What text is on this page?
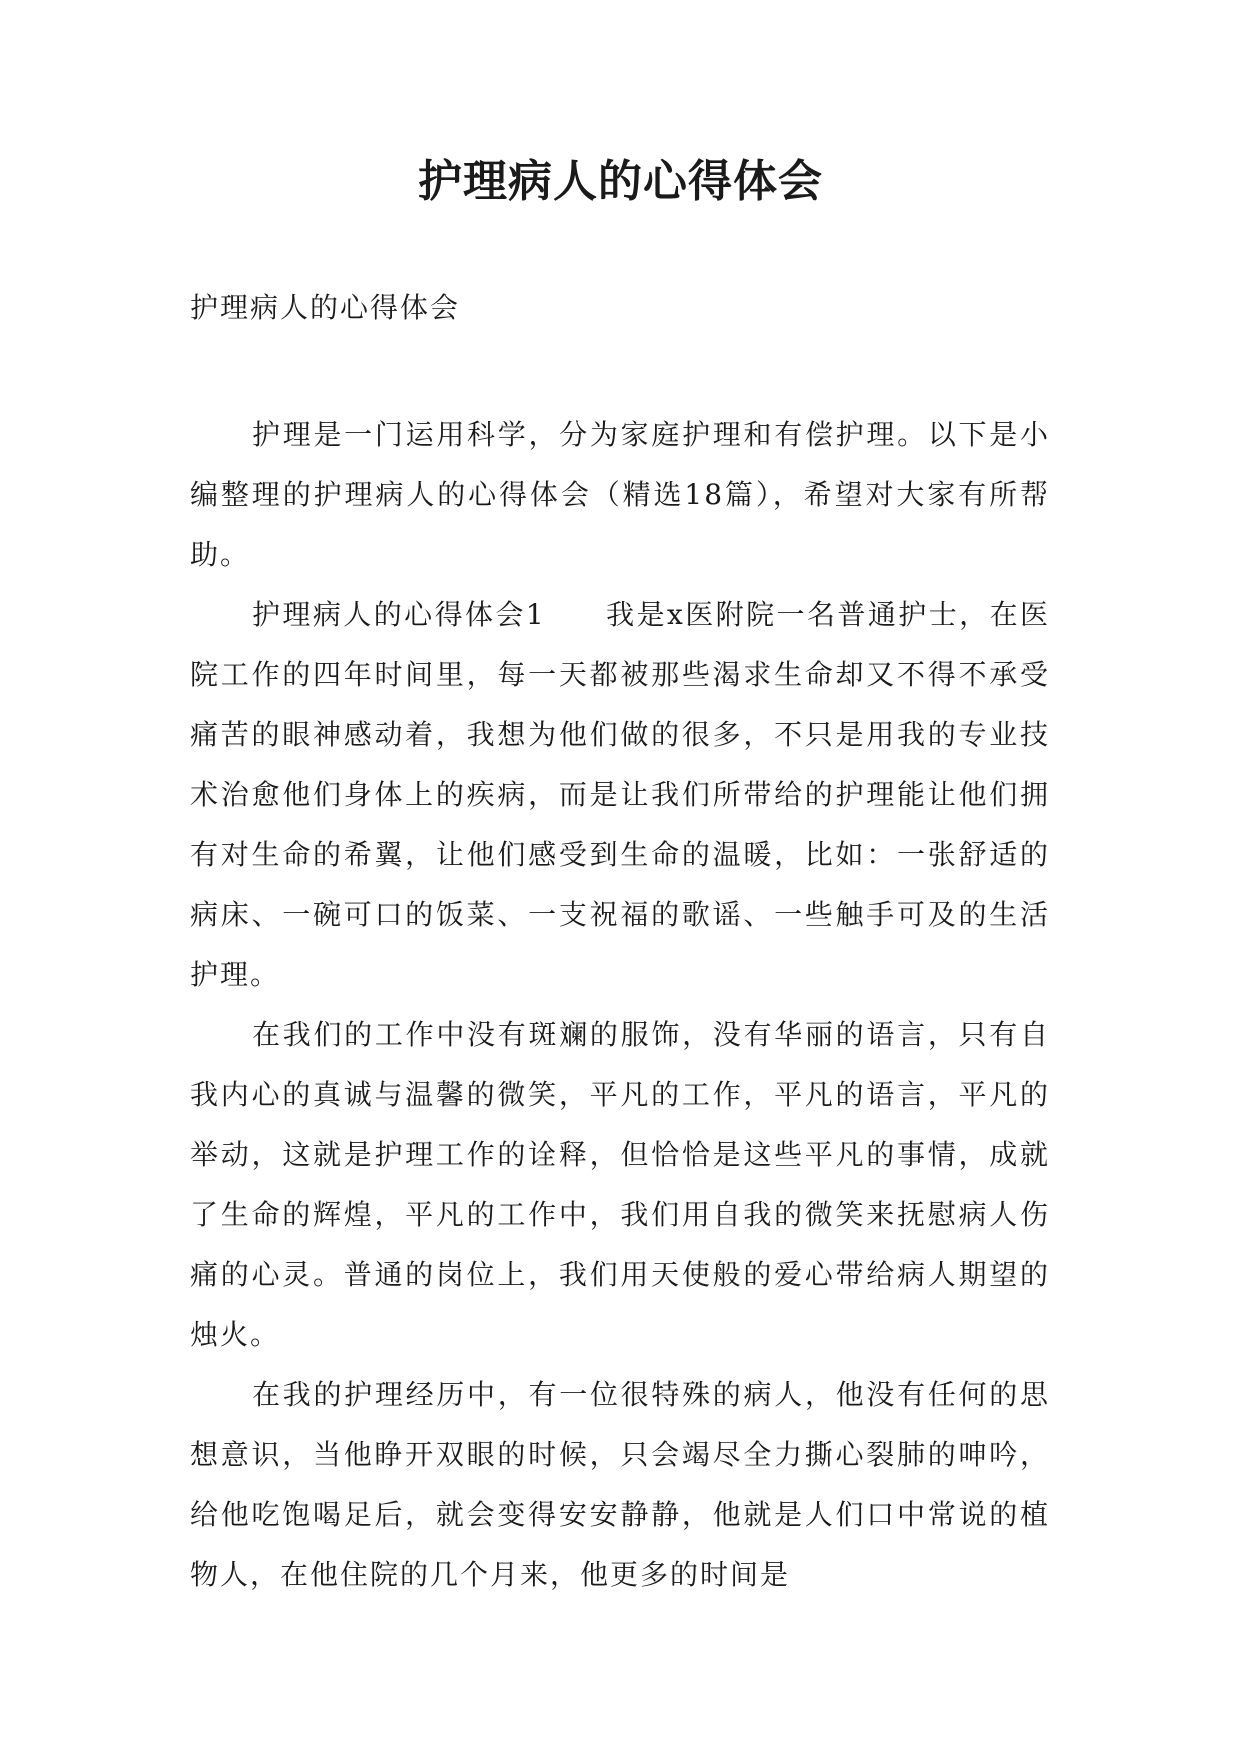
护理病人的心得体会

护理病人的心得体会

护理是一门运用科学，分为家庭护理和有偿护理。以下是小编整理的护理病人的心得体会（精选18篇），希望对大家有所帮助。

护理病人的心得体会1 我是x医附院一名普通护士，在医院工作的四年时间里，每一天都被那些渴求生命却又不得不承受痛苦的眼神感动着，我想为他们做的很多，不只是用我的专业技术治愈他们身体上的疾病，而是让我们所带给的护理能让他们拥有对生命的希翼，让他们感受到生命的温暖，比如：一张舒适的病床、一碗可口的饭菜、一支祝福的歌谣、一些触手可及的生活护理。

在我们的工作中没有斑斓的服饰，没有华丽的语言，只有自我内心的真诚与温馨的微笑，平凡的工作，平凡的语言，平凡的举动，这就是护理工作的诠释，但恰恰是这些平凡的事情，成就了生命的辉煌，平凡的工作中，我们用自我的微笑来抚慰病人伤痛的心灵。普通的岗位上，我们用天使般的爱心带给病人期望的烛火。

在我的护理经历中，有一位很特殊的病人，他没有任何的思想意识，当他睁开双眼的时候，只会竭尽全力撕心裂肺的呻吟，给他吃饱喝足后，就会变得安安静静，他就是人们口中常说的植物人，在他住院的几个月来，他更多的时间是
